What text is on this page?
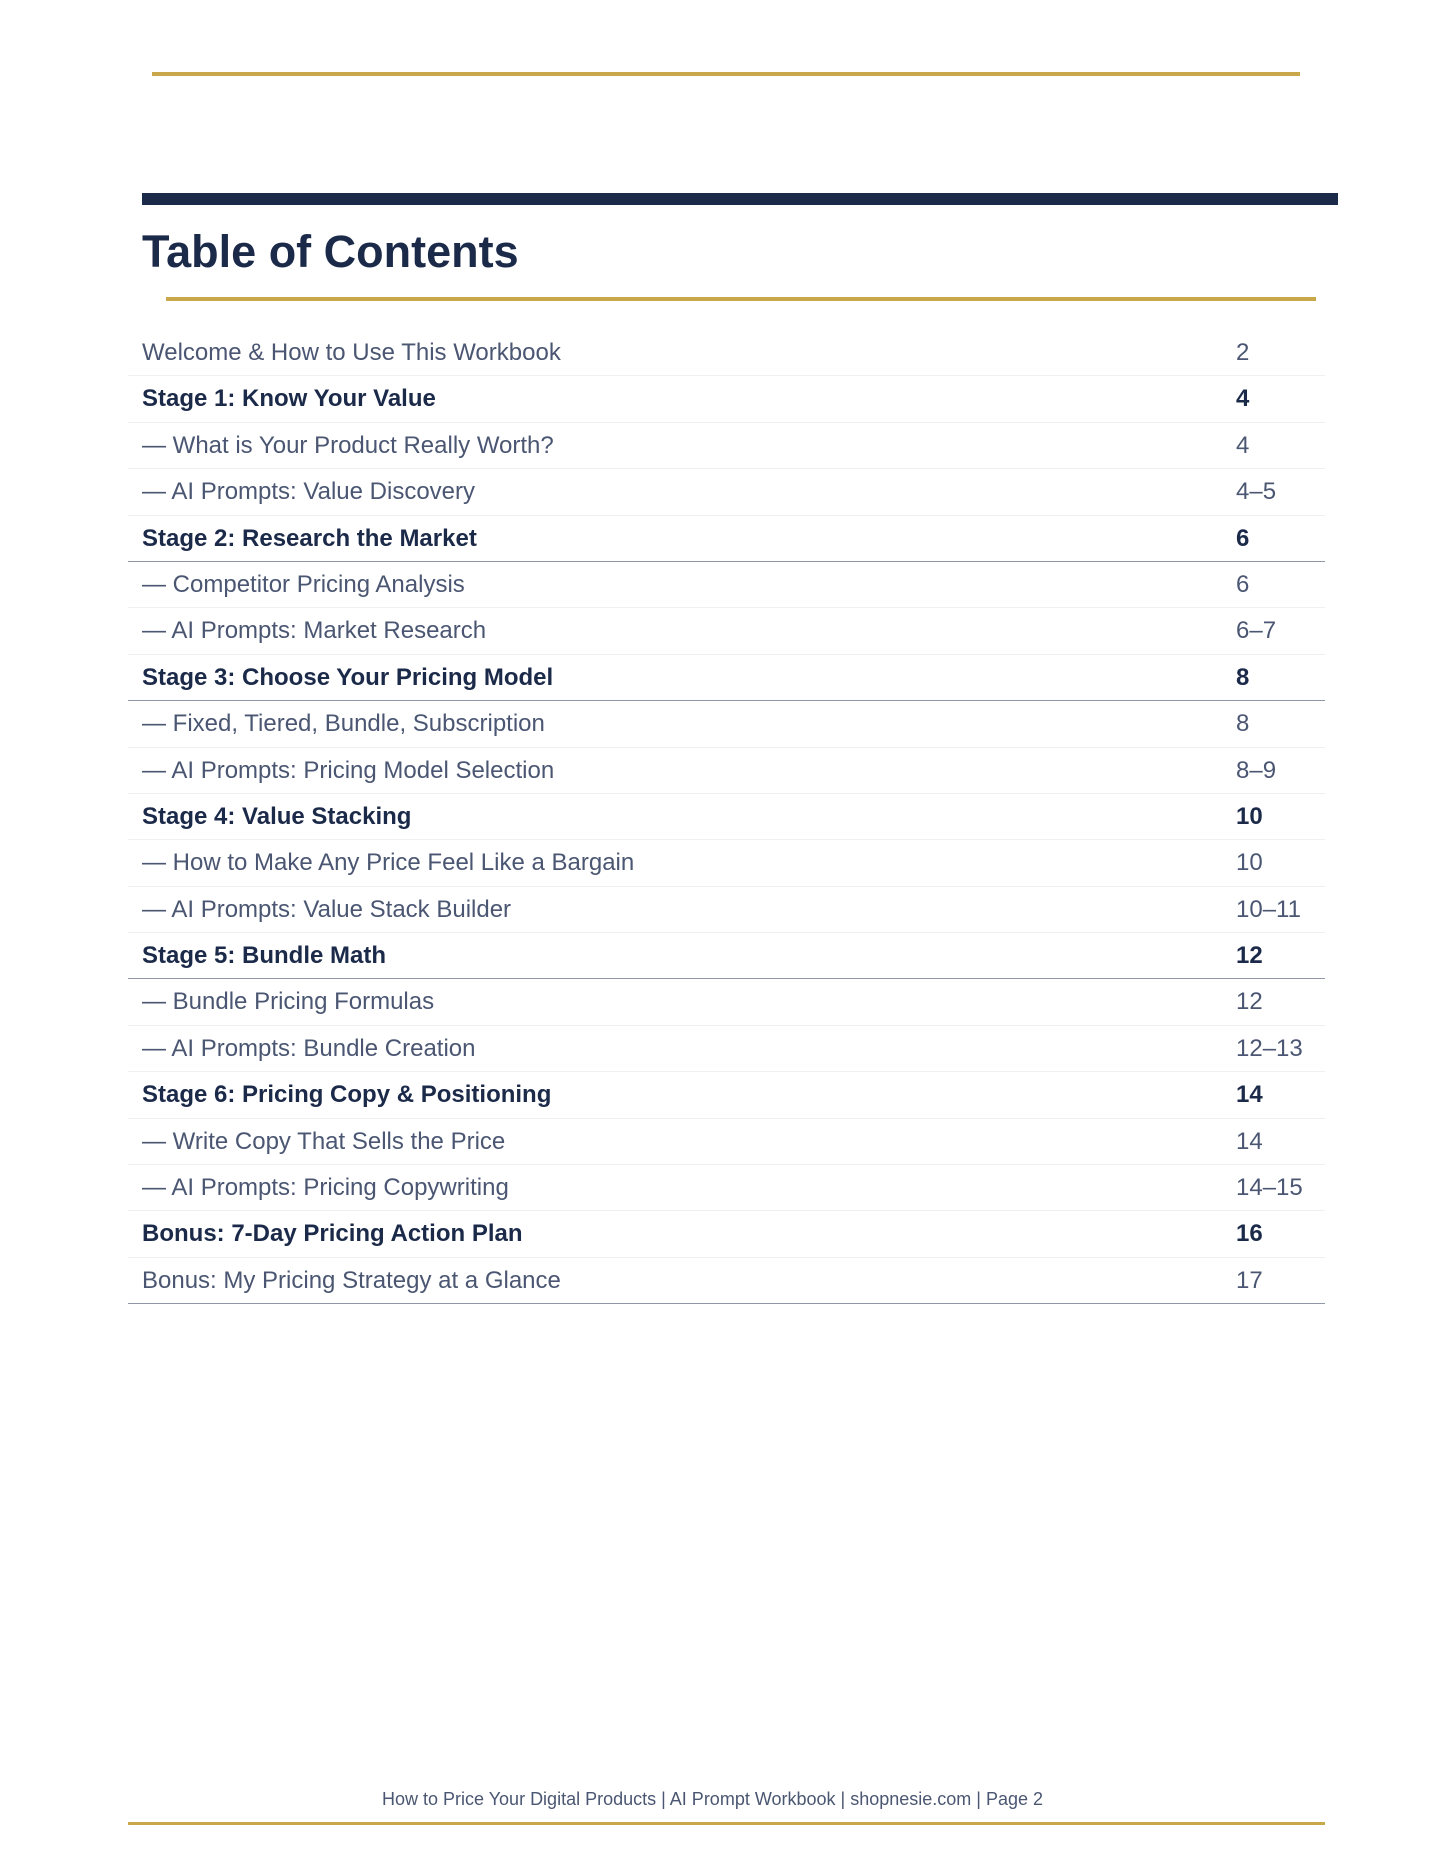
Table of Contents
Welcome & How to Use This Workbook	2
Stage 1: Know Your Value	4
— What is Your Product Really Worth?	4
— AI Prompts: Value Discovery	4–5
Stage 2: Research the Market	6
— Competitor Pricing Analysis	6
— AI Prompts: Market Research	6–7
Stage 3: Choose Your Pricing Model	8
— Fixed, Tiered, Bundle, Subscription	8
— AI Prompts: Pricing Model Selection	8–9
Stage 4: Value Stacking	10
— How to Make Any Price Feel Like a Bargain	10
— AI Prompts: Value Stack Builder	10–11
Stage 5: Bundle Math	12
— Bundle Pricing Formulas	12
— AI Prompts: Bundle Creation	12–13
Stage 6: Pricing Copy & Positioning	14
— Write Copy That Sells the Price	14
— AI Prompts: Pricing Copywriting	14–15
Bonus: 7-Day Pricing Action Plan	16
Bonus: My Pricing Strategy at a Glance	17
How to Price Your Digital Products | AI Prompt Workbook | shopnesie.com | Page 2
